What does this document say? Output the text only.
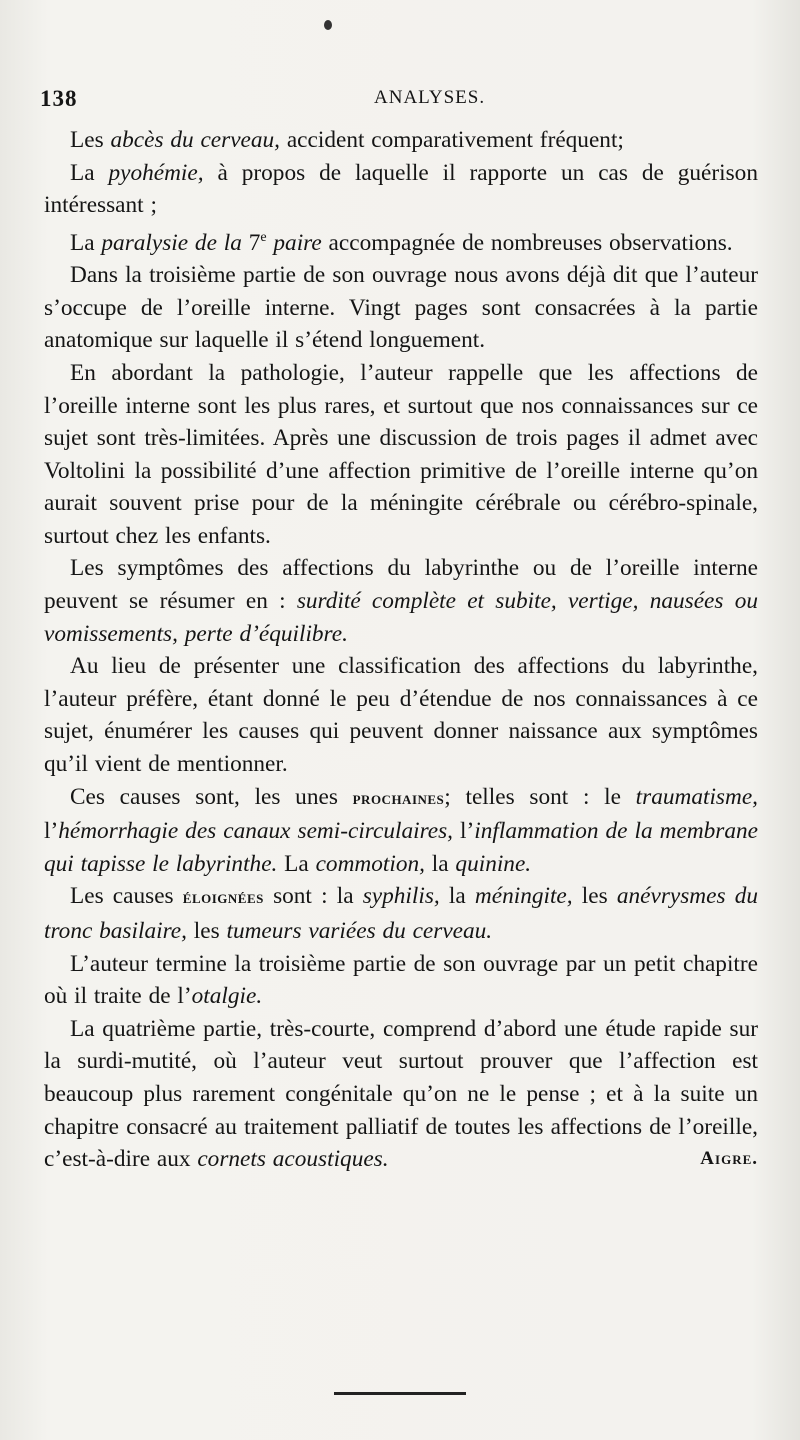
138	ANALYSES.

Les abcès du cerveau, accident comparativement fréquent;

La pyohémie, à propos de laquelle il rapporte un cas de guérison intéressant ;

La paralysie de la 7e paire accompagnée de nombreuses observations.

Dans la troisième partie de son ouvrage nous avons déjà dit que l’auteur s’occupe de l’oreille interne. Vingt pages sont consacrées à la partie anatomique sur laquelle il s’étend longuement.

En abordant la pathologie, l’auteur rappelle que les affections de l’oreille interne sont les plus rares, et surtout que nos connaissances sur ce sujet sont très-limitées. Après une discussion de trois pages il admet avec Voltolini la possibilité d’une affection primitive de l’oreille interne qu’on aurait souvent prise pour de la méningite cérébrale ou cérébro-spinale, surtout chez les enfants.

Les symptômes des affections du labyrinthe ou de l’oreille interne peuvent se résumer en : surdité complète et subite, vertige, nausées ou vomissements, perte d’équilibre.

Au lieu de présenter une classification des affections du labyrinthe, l’auteur préfère, étant donné le peu d’étendue de nos connaissances à ce sujet, énumérer les causes qui peuvent donner naissance aux symptômes qu’il vient de mentionner.

Ces causes sont, les unes prochaines; telles sont : le traumatisme, l’hémorrhagie des canaux semi-circulaires, l’inflammation de la membrane qui tapisse le labyrinthe. La commotion, la quinine.

Les causes éloignées sont : la syphilis, la méningite, les anévrysmes du tronc basilaire, les tumeurs variées du cerveau.

L’auteur termine la troisième partie de son ouvrage par un petit chapitre où il traite de l’otalgie.

La quatrième partie, très-courte, comprend d’abord une étude rapide sur la surdi-mutité, où l’auteur veut surtout prouver que l’affection est beaucoup plus rarement congénitale qu’on ne le pense ; et à la suite un chapitre consacré au traitement palliatif de toutes les affections de l’oreille, c’est-à-dire aux cornets acoustiques.	Aigre.
